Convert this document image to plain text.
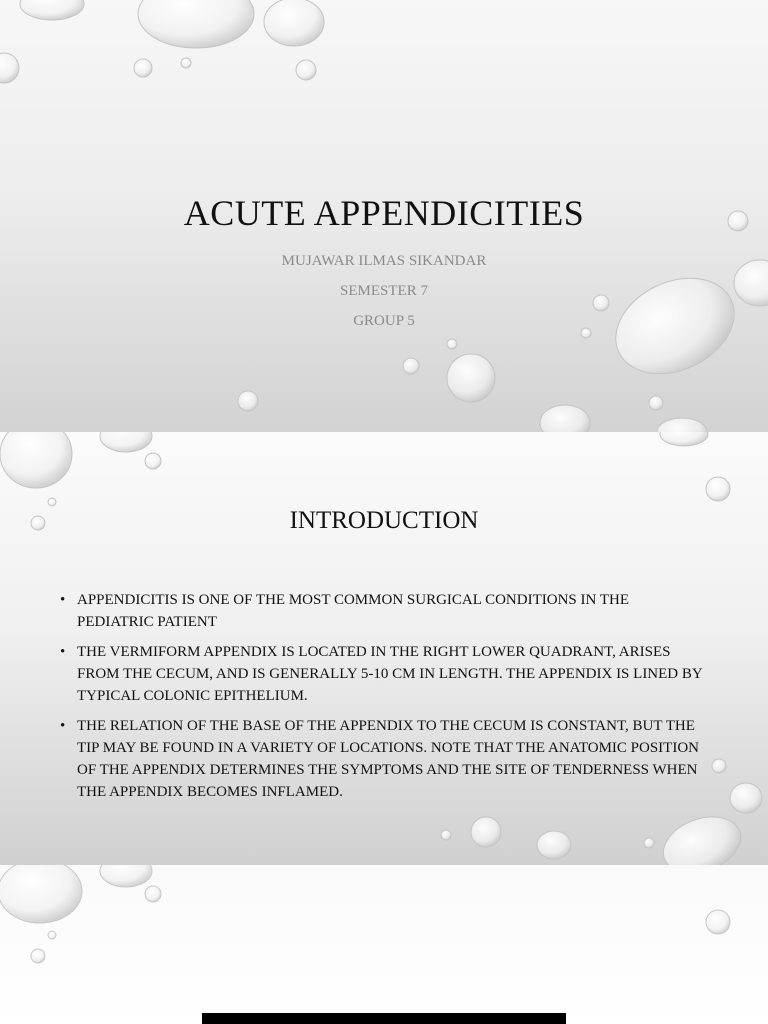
ACUTE APPENDICITIES

MUJAWAR ILMAS SIKANDAR

SEMESTER 7

GROUP 5

INTRODUCTION
• APPENDICITIS IS ONE OF THE MOST COMMON SURGICAL CONDITIONS IN THE PEDIATRIC PATIENT
• THE VERMIFORM APPENDIX IS LOCATED IN THE RIGHT LOWER QUADRANT, ARISES FROM THE CECUM, AND IS GENERALLY 5-10 CM IN LENGTH. THE APPENDIX IS LINED BY TYPICAL COLONIC EPITHELIUM.
• THE RELATION OF THE BASE OF THE APPENDIX TO THE CECUM IS CONSTANT, BUT THE TIP MAY BE FOUND IN A VARIETY OF LOCATIONS. NOTE THAT THE ANATOMIC POSITION OF THE APPENDIX DETERMINES THE SYMPTOMS AND THE SITE OF TENDERNESS WHEN THE APPENDIX BECOMES INFLAMED.
